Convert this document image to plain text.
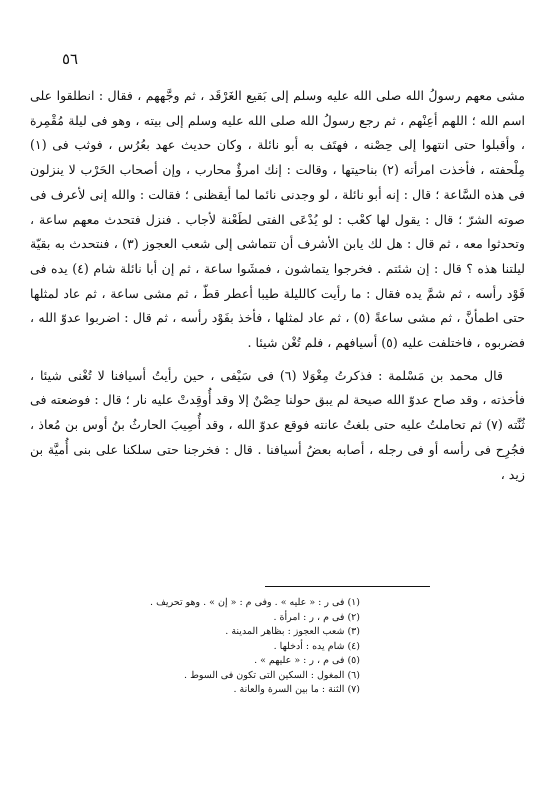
٥٦

مشى معهم رسولُ الله صلى الله عليه وسلم إلى بَقيع الغَرْقَد ، ثم وجَّههم ، فقال : انطلقوا على اسم الله ؛ اللهم أعِنْهم ، ثم رجع رسولُ الله صلى الله عليه وسلم إلى بيته ، وهو فى ليلة مُقْمِرة ، وأقبلوا حتى انتهوا إلى حِصْنه ، فهتَف به أبو نائلة ، وكان حديث عهد بعُرُس ، فوثب فى (١) مِلْحفته ، فأخذت امرأته (٢) بناحيتها ، وقالت : إنك امرؤٌ محارب ، وإن أصحاب الحَرْب لا ينزلون فى هذه السَّاعة ؛ قال : إنه أبو نائلة ، لو وجدنى نائما لما أيقظنى ؛ فقالت : والله إنى لأعرف فى صوته الشرّ ؛ قال : يقول لها كعْب : لو يُدْعَى الفتى لطَعْنة لأجاب . فنزل فتحدث معهم ساعة ، وتحدثوا معه ، ثم قال : هل لك يابن الأشرف أن تتماشى إلى شعب العجوز (٣) ، فنتحدث به بقيّة ليلتنا هذه ؟ قال : إن شئتم . فخرجوا يتماشون ، فمشَوا ساعة ، ثم إن أبا نائلة شام (٤) يده فى فَوْد رأسه ، ثم شمَّ يده فقال : ما رأيت كالليلة طيبا أعطر قطّ ، ثم مشى ساعة ، ثم عاد لمثلها حتى اطمأنَّ ، ثم مشى ساعةً (٥) ، ثم عاد لمثلها ، فأخذ بفَوْد رأسه ، ثم قال : اضربوا عدوّ الله ، فضربوه ، فاختلفت عليه (٥) أسيافهم ، فلم تُغْن شيئا .

قال محمد بن مَسْلمة : فذكرتُ مِغْوَلا (٦) فى سَيْفى ، حين رأيتُ أسيافنا لا تُغْنى شيئا ، فأخذته ، وقد صاح عدوّ الله صيحة لم يبق حولنا حِصْنٌ إلا وقد أُوقِدتْ عليه نار ؛ قال : فوضعته فى ثُنَّته (٧) ثم تحاملتُ عليه حتى بلغتُ عانته فوقع عدوّ الله ، وقد أُصِيبَ الحارثُ بنُ أوس بن مُعاذ ، فجُرِح فى رأسه أو فى رجله ، أصابه بعضُ أسيافنا . قال : فخرجنا حتى سلكنا على بنى أُميَّة بن زيد ،

(١) فى ر : « عليه » . وفى م : « إن » . وهو تحريف .
(٢) فى م ، ر : امرأة .
(٣) شعب العجوز : بظاهر المدينة .
(٤) شام يده : أدخلها .
(٥) فى م ، ر : « عليهم » .
(٦) المغول : السكين التى تكون فى السوط .
(٧) الثنة : ما بين السرة والعانة .
